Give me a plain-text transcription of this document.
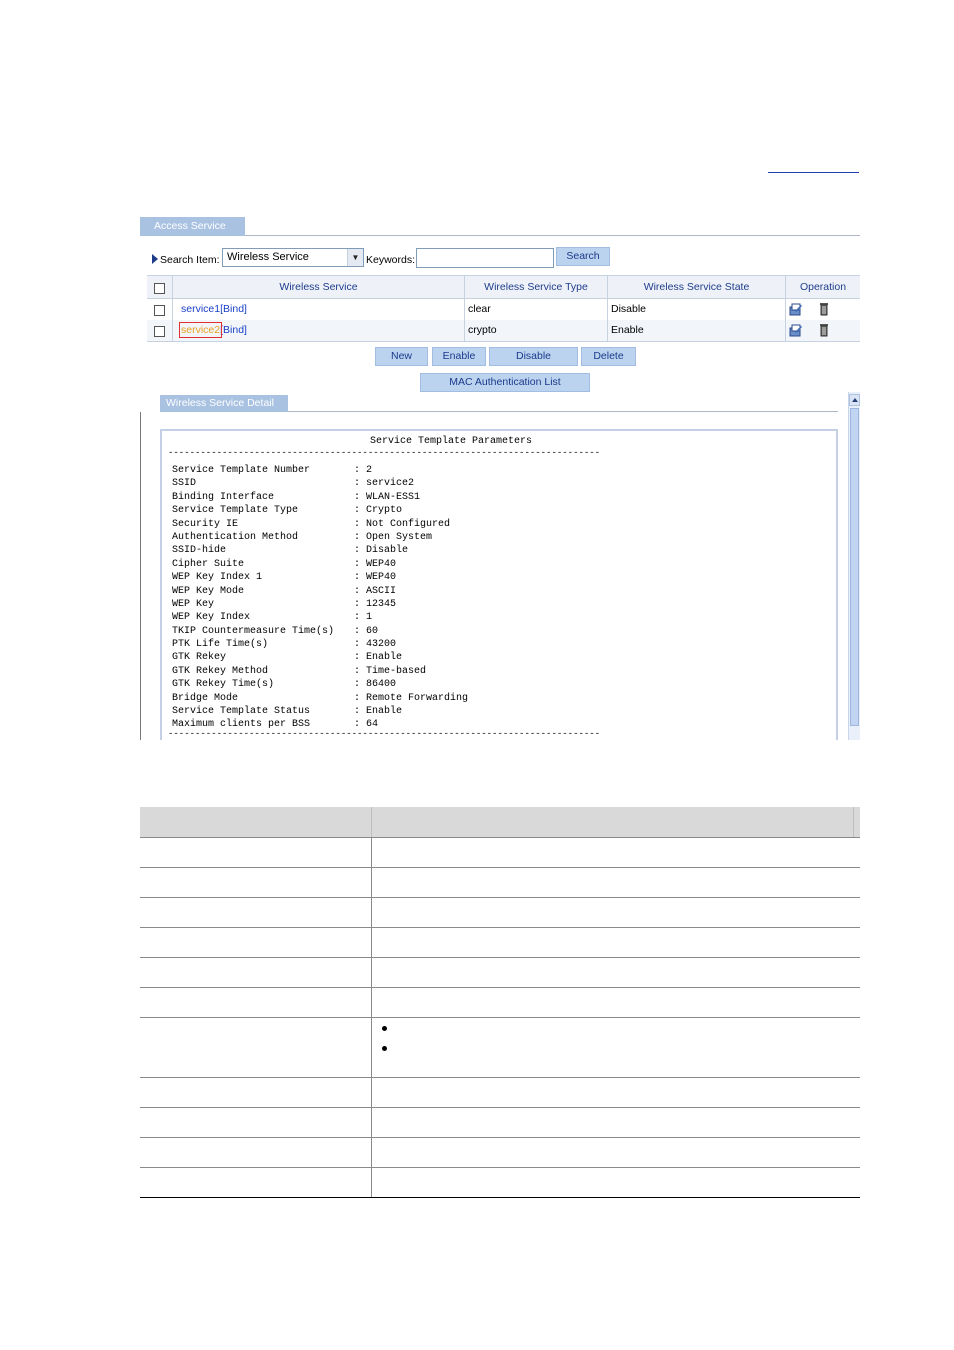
Access Service
Search Item: Wireless Service	▼ Keywords:	Search
Wireless Service	Wireless Service Type	Wireless Service State	Operation
service1[Bind]	clear	Disable
service2[Bind]	crypto	Enable
New	Enable	Disable	Delete
MAC Authentication List
Wireless Service Detail
Service Template Parameters
--------------------------------------------------------------------------------
Service Template Number	: 2
SSID	: service2
Binding Interface	: WLAN-ESS1
Service Template Type	: Crypto
Security IE	: Not Configured
Authentication Method	: Open System
SSID-hide	: Disable
Cipher Suite	: WEP40
WEP Key Index 1	: WEP40
WEP Key Mode	: ASCII
WEP Key	: 12345
WEP Key Index	: 1
TKIP Countermeasure Time(s) : 60
PTK Life Time(s)	: 43200
GTK Rekey	: Enable
GTK Rekey Method	: Time-based
GTK Rekey Time(s)	: 86400
Bridge Mode	: Remote Forwarding
Service Template Status	: Enable
Maximum clients per BSS	: 64
--------------------------------------------------------------------------------
